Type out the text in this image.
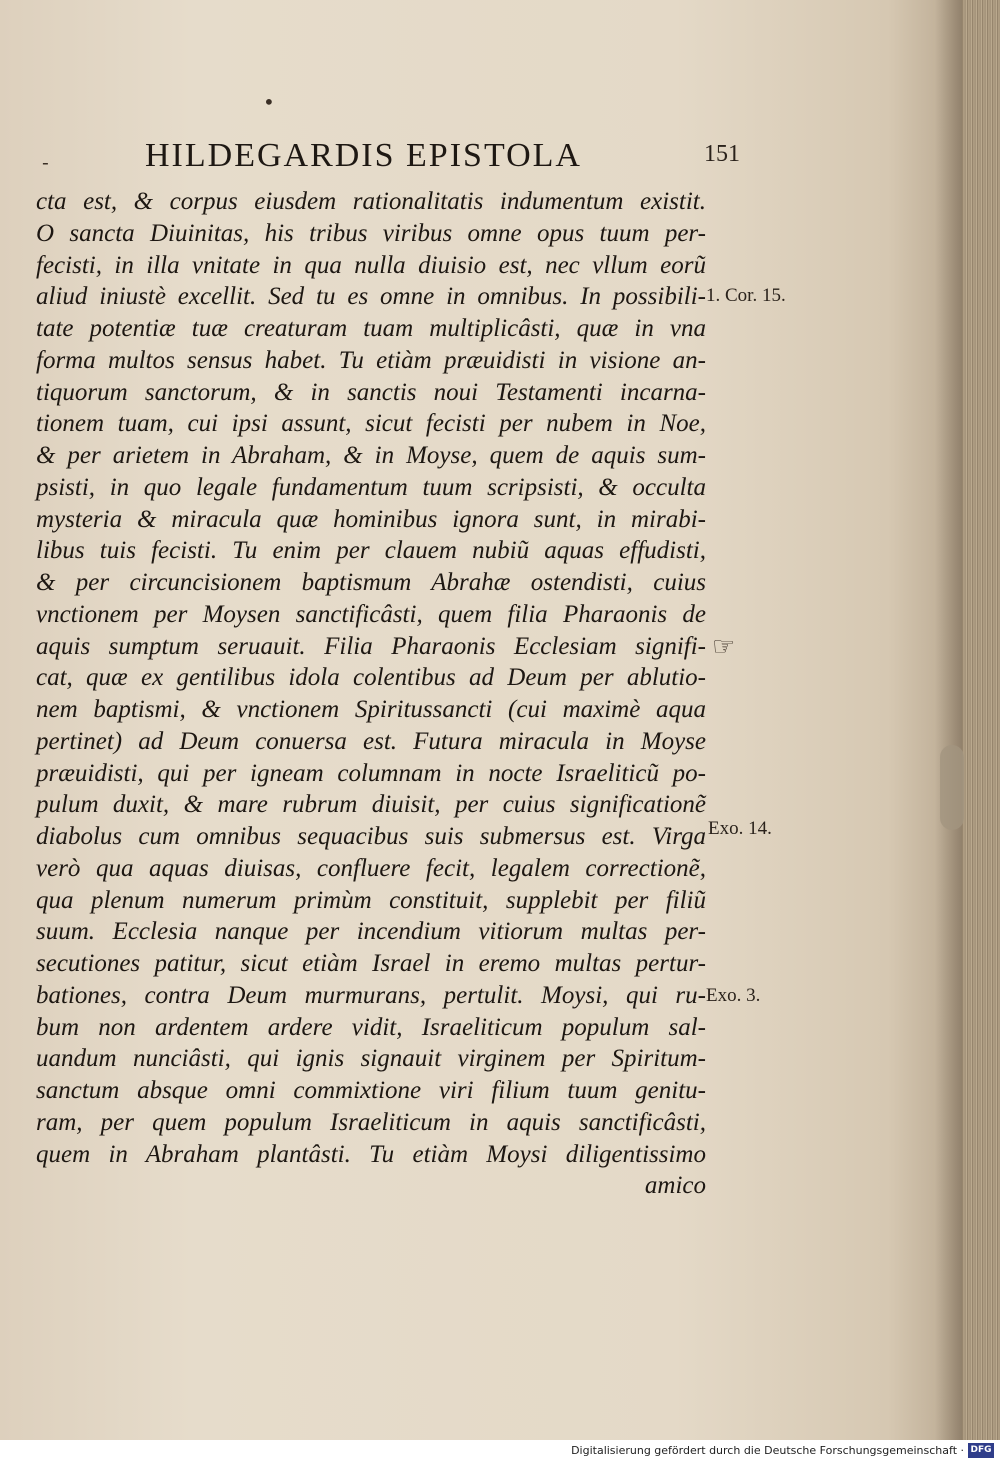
•
-	HILDEGARDIS EPISTOLA	151
cta est, & corpus eiusdem rationalitatis indumentum existit.
O sancta Diuinitas, his tribus viribus omne opus tuum per-
fecisti, in illa vnitate in qua nulla diuisio est, nec vllum eorũ
aliud iniustè excellit. Sed tu es omne in omnibus. In possibili-
tate potentiæ tuæ creaturam tuam multiplicâsti, quæ in vna
forma multos sensus habet. Tu etiàm præuidisti in visione an-
tiquorum sanctorum, & in sanctis noui Testamenti incarna-
tionem tuam, cui ipsi assunt, sicut fecisti per nubem in Noe,
& per arietem in Abraham, & in Moyse, quem de aquis sum-
psisti, in quo legale fundamentum tuum scripsisti, & occulta
mysteria & miracula quæ hominibus ignora sunt, in mirabi-
libus tuis fecisti. Tu enim per clauem nubiũ aquas effudisti,
& per circuncisionem baptismum Abrahæ ostendisti, cuius
vnctionem per Moysen sanctificâsti, quem filia Pharaonis de
aquis sumptum seruauit. Filia Pharaonis Ecclesiam signifi-
cat, quæ ex gentilibus idola colentibus ad Deum per ablutio-
nem baptismi, & vnctionem Spiritussancti (cui maximè aqua
pertinet) ad Deum conuersa est. Futura miracula in Moyse
præuidisti, qui per igneam columnam in nocte Israeliticũ po-
pulum duxit, & mare rubrum diuisit, per cuius significationẽ
diabolus cum omnibus sequacibus suis submersus est. Virga
verò qua aquas diuisas, confluere fecit, legalem correctionẽ,
qua plenum numerum primùm constituit, supplebit per filiũ
suum. Ecclesia nanque per incendium vitiorum multas per-
secutiones patitur, sicut etiàm Israel in eremo multas pertur-
bationes, contra Deum murmurans, pertulit. Moysi, qui ru-
bum non ardentem ardere vidit, Israeliticum populum sal-
uandum nunciâsti, qui ignis signauit virginem per Spiritum-
sanctum absque omni commixtione viri filium tuum genitu-
ram, per quem populum Israeliticum in aquis sanctificâsti,
quem in Abraham plantâsti. Tu etiàm Moysi diligentissimo
amico
1. Cor. 15.
Exo. 14.
Exo. 3.
☞
Digitalisierung gefördert durch die Deutsche Forschungsgemeinschaft · DFG
